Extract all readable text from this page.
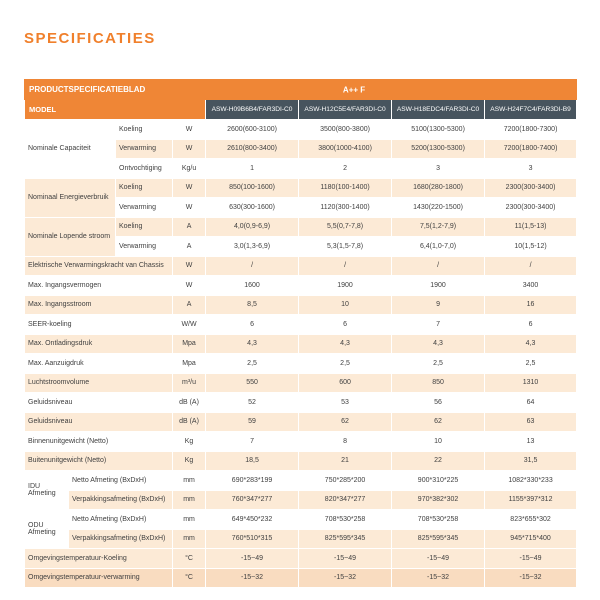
SPECIFICATIES
PRODUCTSPECIFICATIEBLAD				A++ F			

MODEL				ASW-H09B6B4/FAR3DI-C0	ASW-H12C5E4/FAR3DI-C0	ASW-H18EDC4/FAR3DI-C0	ASW-H24F7C4/FAR3DI-B9
Nominale Capaciteit		Koeling	W	2600(600-3100)	3500(800-3800)	5100(1300-5300)	7200(1800-7300)
		Verwarming	W	2610(800-3400)	3800(1000-4100)	5200(1300-5300)	7200(1800-7400)
		Ontvochtiging	Kg/u	1	2	3	3
Nominaal Energieverbruik		Koeling	W	850(100-1600)	1180(100-1400)	1680(280-1800)	2300(300-3400)
		Verwarming	W	630(300-1600)	1120(300-1400)	1430(220-1500)	2300(300-3400)
Nominale Lopende stroom		Koeling	A	4,0(0,9-6,9)	5,5(0,7-7,8)	7,5(1,2-7,9)	11(1,5-13)
		Verwarming	A	3,0(1,3-6,9)	5,3(1,5-7,8)	6,4(1,0-7,0)	10(1,5-12)
Elektrische Verwarmingskracht van Chassis			W	/	/	/	/
Max. Ingangsvermogen			W	1600	1900	1900	3400
Max. Ingangsstroom			A	8,5	10	9	16
SEER-koeling			W/W	6	6	7	6
Max. Ontladingsdruk			Mpa	4,3	4,3	4,3	4,3
Max. Aanzuigdruk			Mpa	2,5	2,5	2,5	2,5
Luchtstroomvolume			m³/u	550	600	850	1310
Geluidsniveau			dB (A)	52	53	56	64
Geluidsniveau			dB (A)	59	62	62	63
Binnenunitgewicht (Netto)			Kg	7	8	10	13
Buitenunitgewicht (Netto)			Kg	18,5	21	22	31,5
IDU Afmeting	Netto Afmeting (BxDxH)		mm	690*283*199	750*285*200	900*310*225	1082*330*233
	Verpakkingsafmeting (BxDxH)		mm	760*347*277	820*347*277	970*382*302	1155*397*312
ODU Afmeting	Netto Afmeting (BxDxH)		mm	649*450*232	708*530*258	708*530*258	823*655*302
	Verpakkingsafmeting (BxDxH)		mm	760*510*315	825*595*345	825*595*345	945*715*400
Omgevingstemperatuur-Koeling			°C	-15~49	-15~49	-15~49	-15~49
Omgevingstemperatuur-verwarming			°C	-15~32	-15~32	-15~32	-15~32
